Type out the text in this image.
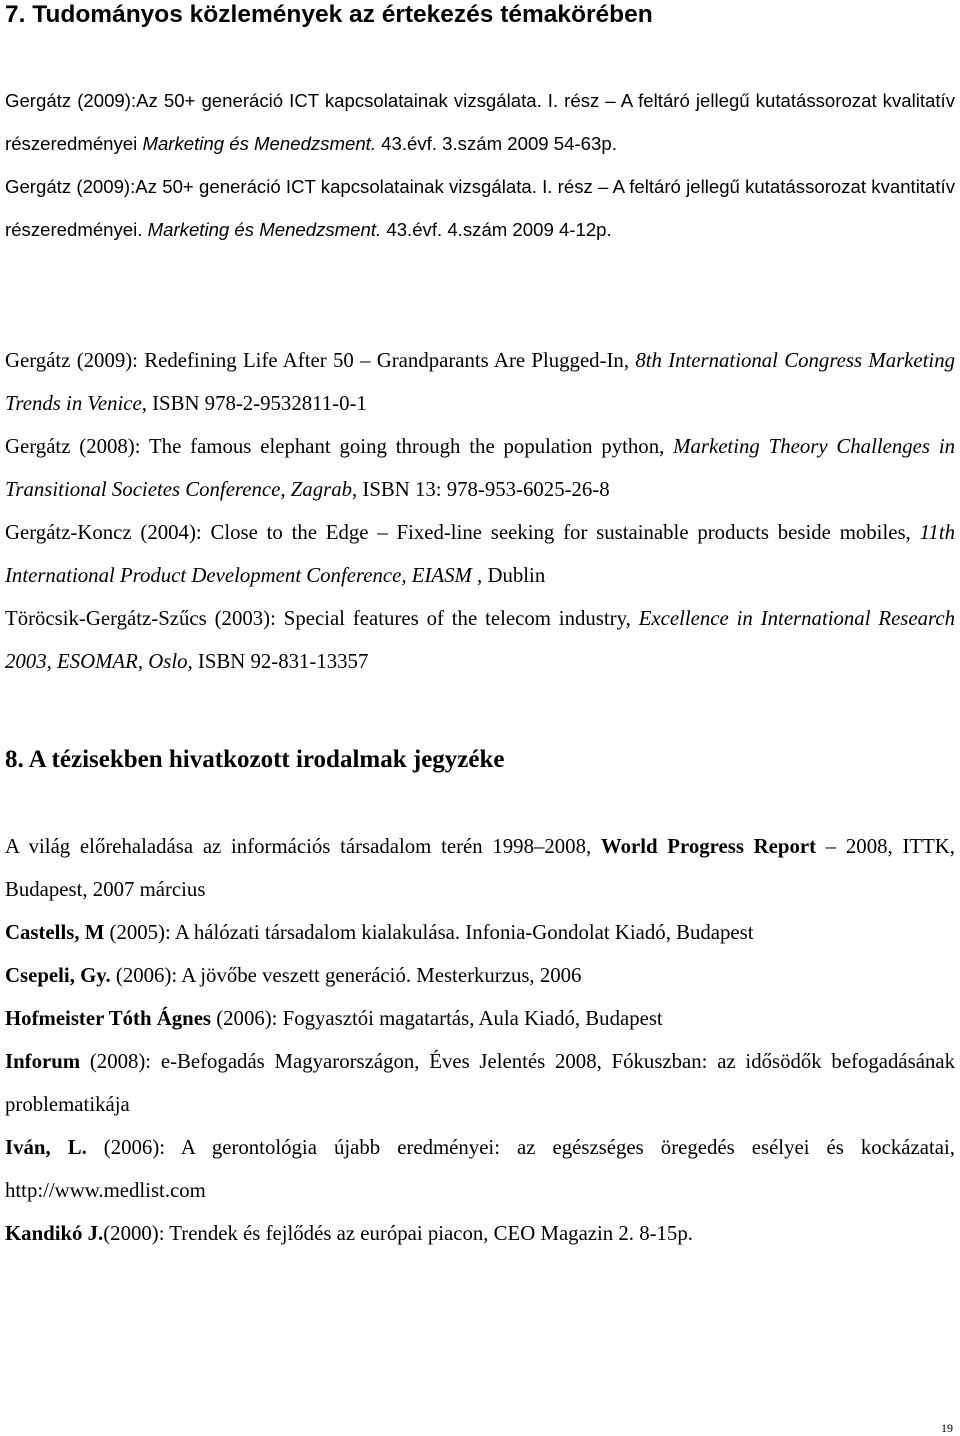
7. Tudományos közlemények az értekezés témakörében

Gergátz (2009):Az 50+ generáció ICT kapcsolatainak vizsgálata. I. rész – A feltáró jellegű kutatássorozat kvalitatív részeredményei Marketing és Menedzsment. 43.évf. 3.szám 2009 54-63p.

Gergátz (2009):Az 50+ generáció ICT kapcsolatainak vizsgálata. I. rész – A feltáró jellegű kutatássorozat kvantitatív részeredményei. Marketing és Menedzsment. 43.évf. 4.szám 2009 4-12p.

Gergátz (2009): Redefining Life After 50 – Grandparants Are Plugged-In, 8th International Congress Marketing Trends in Venice, ISBN 978-2-9532811-0-1

Gergátz (2008): The famous elephant going through the population python, Marketing Theory Challenges in Transitional Societes Conference, Zagrab, ISBN 13: 978-953-6025-26-8

Gergátz-Koncz (2004): Close to the Edge – Fixed-line seeking for sustainable products beside mobiles, 11th International Product Development Conference, EIASM , Dublin

Töröcsik-Gergátz-Szűcs (2003): Special features of the telecom industry, Excellence in International Research 2003, ESOMAR, Oslo, ISBN 92-831-13357

8. A tézisekben hivatkozott irodalmak jegyzéke

A világ előrehaladása az információs társadalom terén 1998–2008, World Progress Report – 2008, ITTK, Budapest, 2007 március

Castells, M (2005): A hálózati társadalom kialakulása. Infonia-Gondolat Kiadó, Budapest

Csepeli, Gy. (2006): A jövőbe veszett generáció. Mesterkurzus, 2006

Hofmeister Tóth Ágnes (2006): Fogyasztói magatartás, Aula Kiadó, Budapest

Inforum (2008): e-Befogadás Magyarországon, Éves Jelentés 2008, Fókuszban: az idősödők befogadásának problematikája

Iván, L. (2006): A gerontológia újabb eredményei: az egészséges öregedés esélyei és kockázatai, http://www.medlist.com

Kandikó J.(2000): Trendek és fejlődés az európai piacon, CEO Magazin 2. 8-15p.

19
